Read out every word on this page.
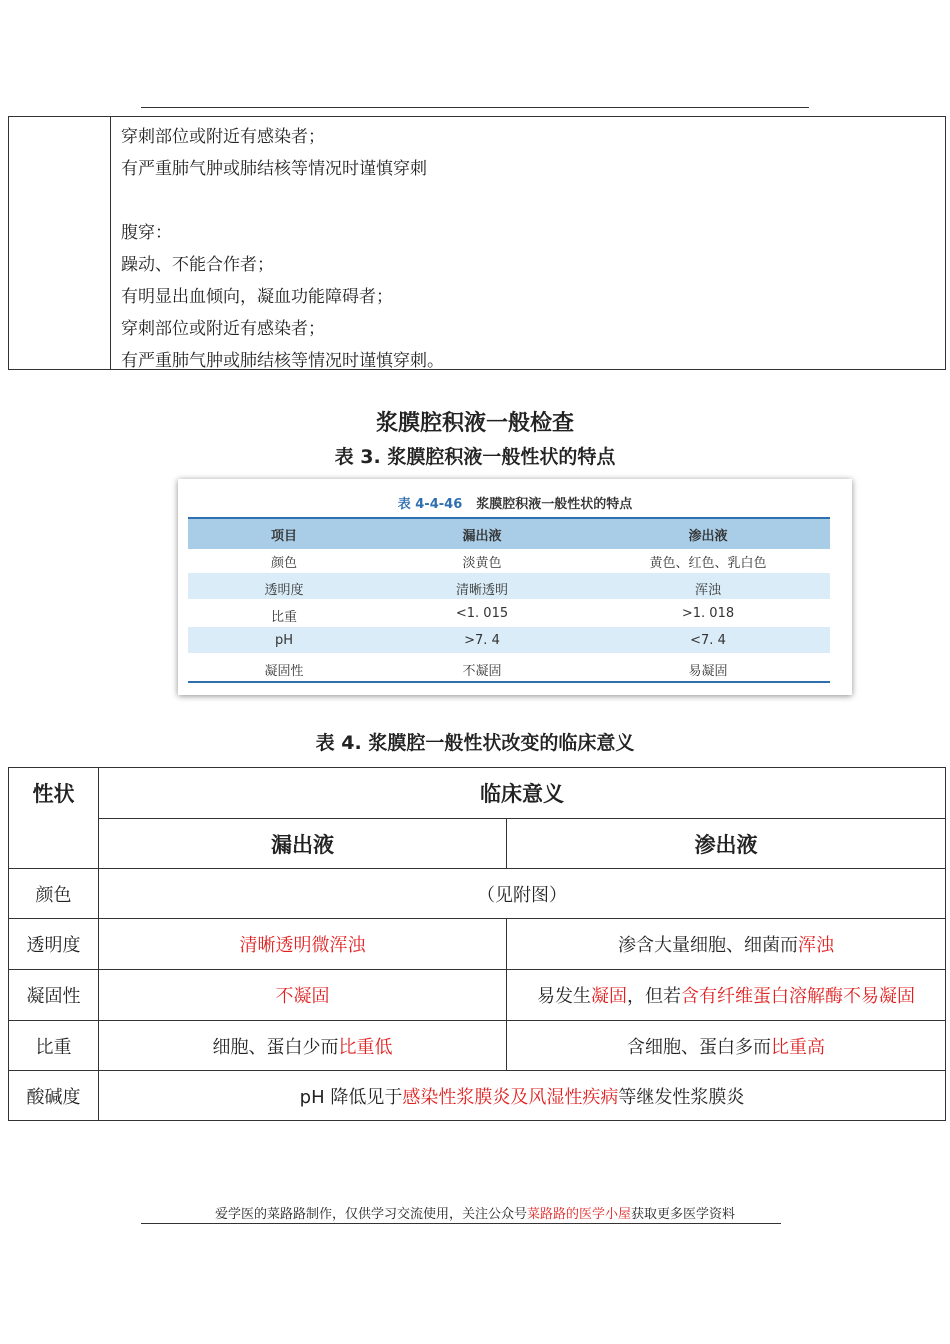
穿刺部位或附近有感染者；
有严重肺气肿或肺结核等情况时谨慎穿刺
腹穿：
躁动、不能合作者；
有明显出血倾向，凝血功能障碍者；
穿刺部位或附近有感染者；
有严重肺气肿或肺结核等情况时谨慎穿刺。
浆膜腔积液一般检查
表 3. 浆膜腔积液一般性状的特点
表 4-4-46 浆膜腔积液一般性状的特点
项目	漏出液	渗出液
颜色	淡黄色	黄色、红色、乳白色
透明度	清晰透明	浑浊
比重	<1. 015	>1. 018
pH	>7. 4	<7. 4
凝固性	不凝固	易凝固
表 4. 浆膜腔一般性状改变的临床意义
性状	临床意义
漏出液	渗出液
颜色	（见附图）
透明度	清晰透明微浑浊	渗含大量细胞、细菌而 浑浊
凝固性	不凝固	易发生 凝固 ，但若 含有纤维蛋白溶解酶不易凝固
比重	细胞、蛋白少而 比重低	含细胞、蛋白多而 比重高
酸碱度	pH 降低见于 感染性浆膜炎及风湿性疾病 等继发性浆膜炎
爱学医的菜路路制作，仅供学习交流使用，关注公众号菜路路的医学小屋获取更多医学资料
